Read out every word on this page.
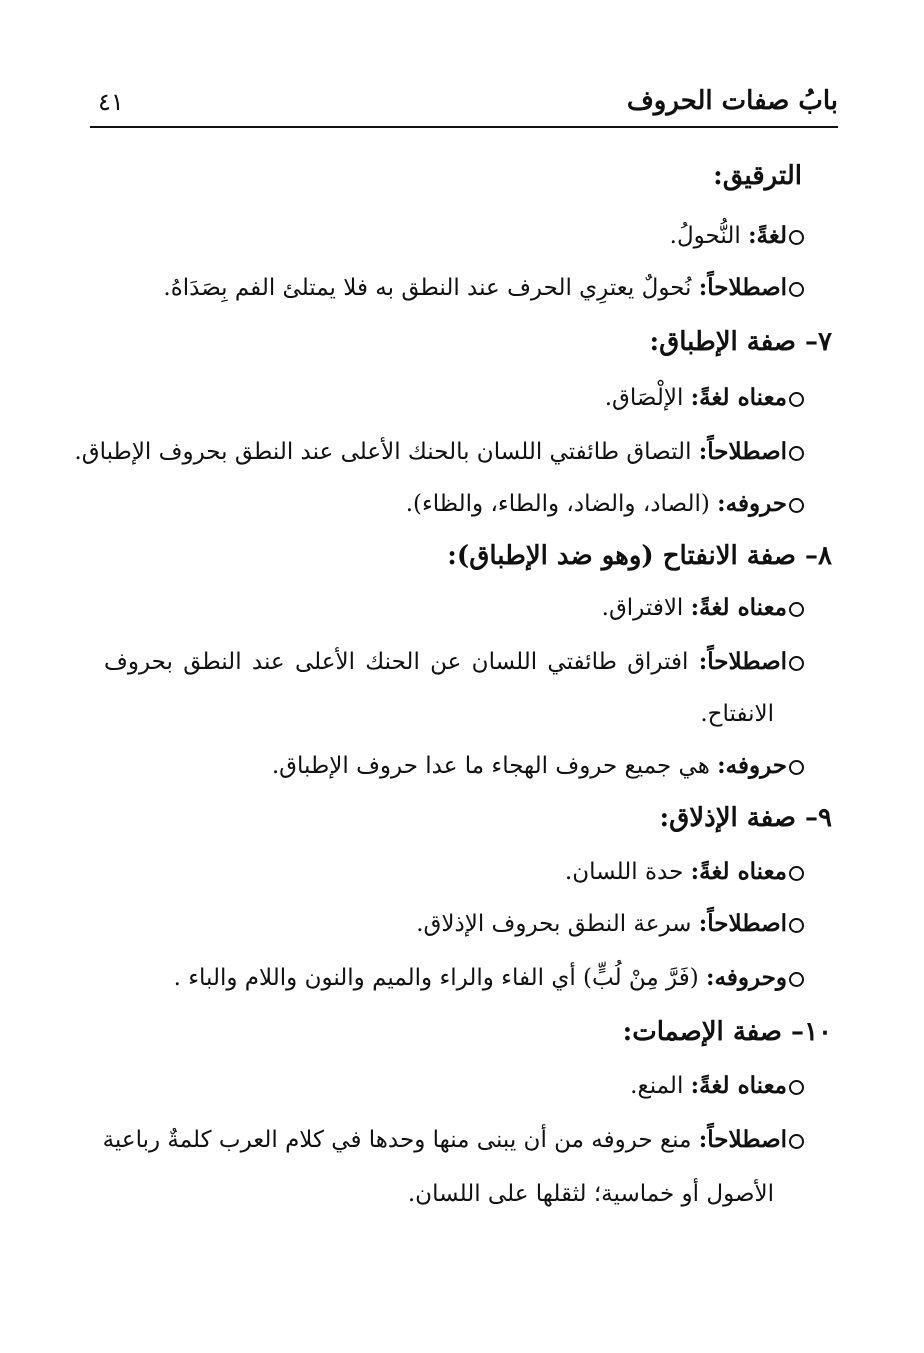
بابُ صفات الحروف
٤١
الترقيق:
لغةً: النُّحولُ.
اصطلاحاً: نُحولٌ يعترِي الحرف عند النطق به فلا يمتلئ الفم بِصَدَاهُ.
٧– صفة الإطباق:
معناه لغةً: الإلْصَاق.
اصطلاحاً: التصاق طائفتي اللسان بالحنك الأعلى عند النطق بحروف الإطباق.
حروفه: (الصاد، والضاد، والطاء، والظاء).
٨– صفة الانفتاح (وهو ضد الإطباق):
معناه لغةً: الافتراق.
اصطلاحاً: افتراق طائفتي اللسان عن الحنك الأعلى عند النطق بحروف
الانفتاح.
حروفه: هي جميع حروف الهجاء ما عدا حروف الإطباق.
٩– صفة الإذلاق:
معناه لغةً: حدة اللسان.
اصطلاحاً: سرعة النطق بحروف الإذلاق.
وحروفه: (فَرَّ مِنْ لُبٍّ) أي الفاء والراء والميم والنون واللام والباء .
١٠– صفة الإصمات:
معناه لغةً: المنع.
اصطلاحاً: منع حروفه من أن يبنى منها وحدها في كلام العرب كلمةٌ رباعية
الأصول أو خماسية؛ لثقلها على اللسان.
